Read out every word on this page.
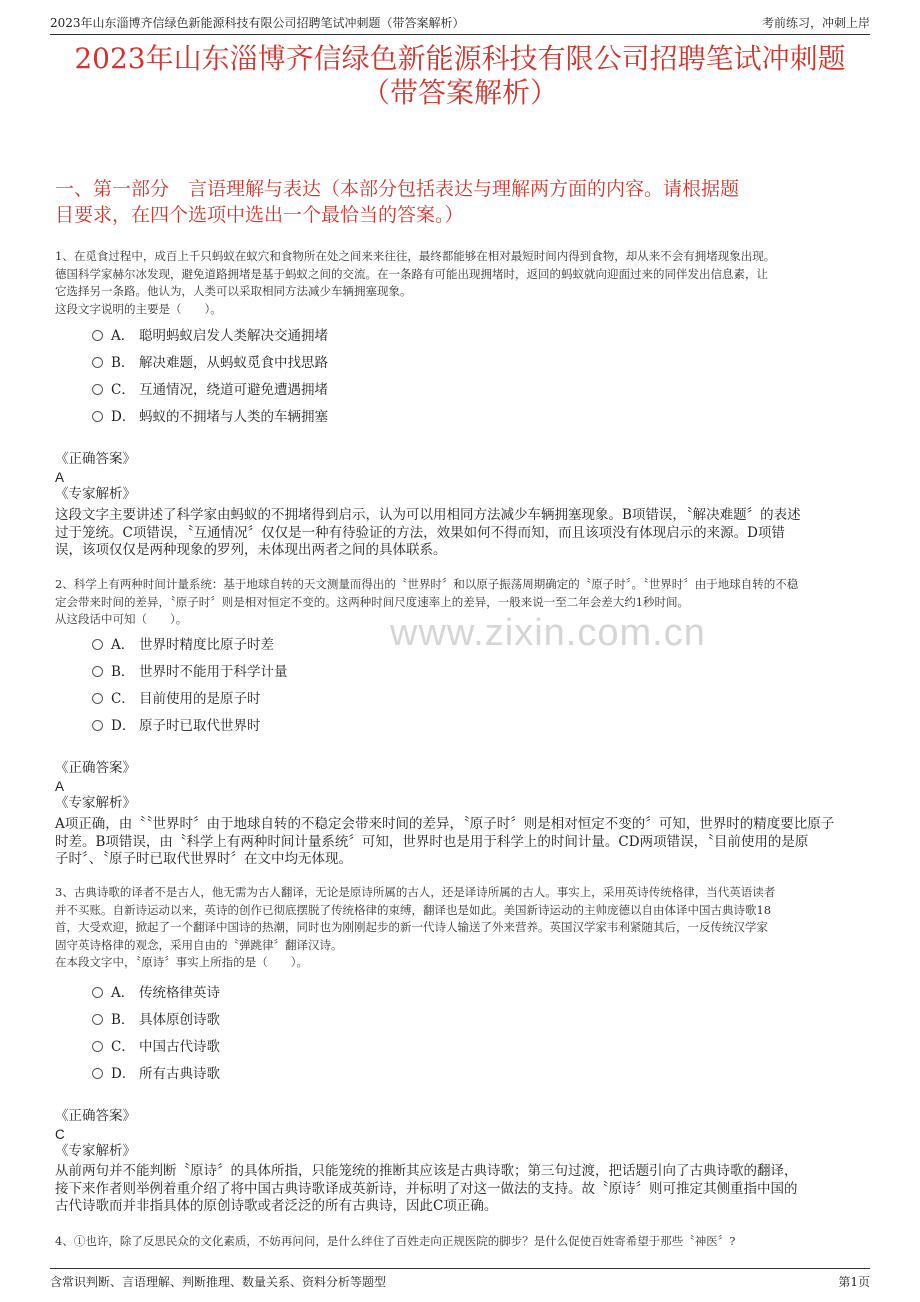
2023年山东淄博齐信绿色新能源科技有限公司招聘笔试冲刺题（带答案解析）	考前练习，冲刺上岸
2023年山东淄博齐信绿色新能源科技有限公司招聘笔试冲刺题
（带答案解析）
一、第一部分　言语理解与表达（本部分包括表达与理解两方面的内容。请根据题
目要求，在四个选项中选出一个最恰当的答案。）
www.zixin.com.cn
1、在觅食过程中，成百上千只蚂蚁在蚁穴和食物所在处之间来来往往，最终都能够在相对最短时间内得到食物，却从来不会有拥堵现象出现。
德国科学家赫尔冰发现，避免道路拥堵是基于蚂蚁之间的交流。在一条路有可能出现拥堵时，返回的蚂蚁就向迎面过来的同伴发出信息素，让
它选择另一条路。他认为，人类可以采取相同方法减少车辆拥塞现象。
这段文字说明的主要是（　　）。
A． 聪明蚂蚁启发人类解决交通拥堵
B． 解决难题，从蚂蚁觅食中找思路
C． 互通情况，绕道可避免遭遇拥堵
D． 蚂蚁的不拥堵与人类的车辆拥塞
《正确答案》
A
《专家解析》
这段文字主要讲述了科学家由蚂蚁的不拥堵得到启示，认为可以用相同方法减少车辆拥塞现象。B项错误，〝解决难题〞的表述
过于笼统。C项错误，〝互通情况〞仅仅是一种有待验证的方法，效果如何不得而知，而且该项没有体现启示的来源。D项错
误，该项仅仅是两种现象的罗列，未体现出两者之间的具体联系。
2、科学上有两种时间计量系统：基于地球自转的天文测量而得出的〝世界时〞和以原子振荡周期确定的〝原子时〞。〝世界时〞由于地球自转的不稳
定会带来时间的差异，〝原子时〞则是相对恒定不变的。这两种时间尺度速率上的差异，一般来说一至二年会差大约1秒时间。
从这段话中可知（　　）。
A． 世界时精度比原子时差
B． 世界时不能用于科学计量
C． 目前使用的是原子时
D． 原子时已取代世界时
《正确答案》
A
《专家解析》
A项正确，由〝〝世界时〞由于地球自转的不稳定会带来时间的差异，〝原子时〞则是相对恒定不变的〞可知，世界时的精度要比原子
时差。B项错误，由〝科学上有两种时间计量系统〞可知，世界时也是用于科学上的时间计量。CD两项错误，〝目前使用的是原
子时〞、〝原子时已取代世界时〞在文中均无体现。
3、古典诗歌的译者不是古人，他无需为古人翻译，无论是原诗所属的古人，还是译诗所属的古人。事实上，采用英诗传统格律，当代英语读者
并不买账。自新诗运动以来，英诗的创作已彻底摆脱了传统格律的束缚，翻译也是如此。美国新诗运动的主帅庞德以自由体译中国古典诗歌18
首，大受欢迎，掀起了一个翻译中国诗的热潮，同时也为刚刚起步的新一代诗人输送了外来营养。英国汉学家韦利紧随其后，一反传统汉学家
固守英诗格律的观念，采用自由的〝弹跳律〞翻译汉诗。
在本段文字中，〝原诗〞事实上所指的是（　　）。
A． 传统格律英诗
B． 具体原创诗歌
C． 中国古代诗歌
D． 所有古典诗歌
《正确答案》
C
《专家解析》
从前两句并不能判断〝原诗〞的具体所指，只能笼统的推断其应该是古典诗歌；第三句过渡，把话题引向了古典诗歌的翻译，
接下来作者则举例着重介绍了将中国古典诗歌译成英新诗，并标明了对这一做法的支持。故〝原诗〞则可推定其侧重指中国的
古代诗歌而并非指具体的原创诗歌或者泛泛的所有古典诗，因此C项正确。
4、①也许，除了反思民众的文化素质，不妨再问问，是什么绊住了百姓走向正规医院的脚步？是什么促使百姓寄希望于那些〝神医〞?
含常识判断、言语理解、判断推理、数量关系、资料分析等题型	第1页
